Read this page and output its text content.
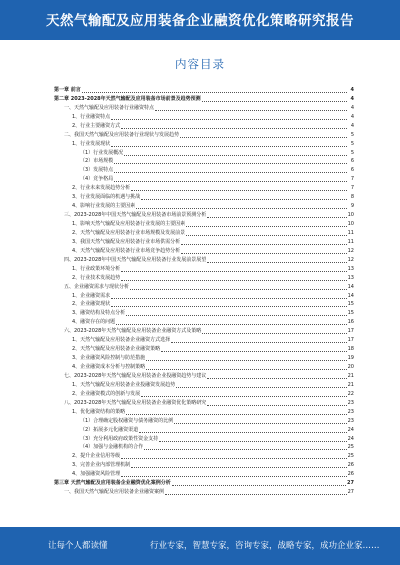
天然气输配及应用装备企业融资优化策略研究报告
内容目录
第一章 前言	4
第二章 2023-2028年天然气输配及应用装备市场前景及趋势预测	4
一、天然气输配及应用装备行业融资特点	4
1、行业融资特点	4
2、行业主要融资方式	4
二、我国天然气输配及应用装备行业现状与发展趋势	5
1、行业发展现状	5
（1）行业发展概况	5
（2）市场规模	6
（3）发展特点	6
（4）竞争格局	7
2、行业未来发展趋势分析	7
3、行业发展面临的机遇与挑战	8
4、影响行业发展的主要因素	9
三、2023-2028年中国天然气输配及应用装备市场前景预测分析	10
1、影响天然气输配及应用装备行业发展的主要因素	10
2、天然气输配及应用装备行业市场规模及发展前景	11
3、我国天然气输配及应用装备行业市场供需分析	11
4、天然气输配及应用装备行业市场竞争趋势分析	12
四、2023-2028年中国天然气输配及应用装备行业发展前景展望	12
1、行业政策环境分析	13
2、行业技术发展趋势	13
五、企业融资需求与现状分析	14
1、企业融资需求	14
2、企业融资现状	15
3、融资结构及特点分析	15
4、融资存在的问题	16
六、2023-2028年天然气输配及应用装备企业融资方式及策略	17
1、天然气输配及应用装备企业融资方式选择	17
2、天然气输配及应用装备企业融资策略	18
3、企业融资风险控制与防范措施	19
4、企业融资成本分析与控制策略	20
七、2023-2028年天然气输配及应用装备企业投融资趋势与建议	21
1、天然气输配及应用装备企业投融资发展趋势	21
2、企业融资模式的创新与发展	22
八、2023-2028年天然气输配及应用装备企业融资优化策略研究	23
1、优化融资结构的策略	23
（1）合理确定股权融资与债务融资的比例	23
（2）拓展多元化融资渠道	24
（3）充分利用政府政策性资金支持	24
（4）加强与金融机构的合作	25
2、提升企业信用等级	25
3、完善企业内部管理机制	26
4、加强融资风险管理	26
第三章 天然气输配及应用装备企业融资优化案例分析	27
一、我国天然气输配及应用装备企业融资案例	27
让每个人都读懂	行业专家，智慧专家，咨询专家，战略专家，成功企业家……
